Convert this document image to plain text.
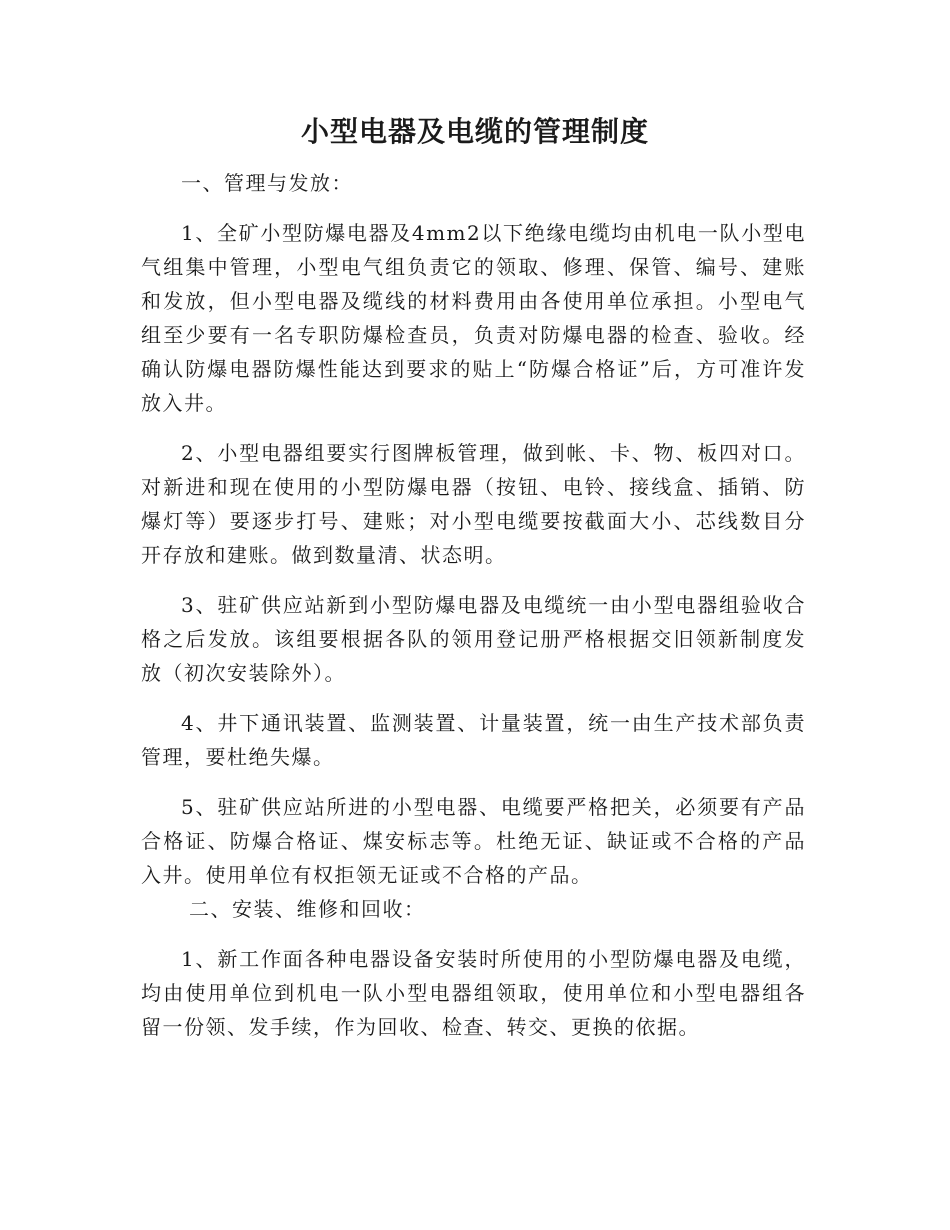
小型电器及电缆的管理制度

一、管理与发放：

1、全矿小型防爆电器及4mm2以下绝缘电缆均由机电一队小型电气组集中管理，小型电气组负责它的领取、修理、保管、编号、建账和发放，但小型电器及缆线的材料费用由各使用单位承担。小型电气组至少要有一名专职防爆检查员，负责对防爆电器的检查、验收。经确认防爆电器防爆性能达到要求的贴上“防爆合格证”后，方可准许发放入井。

2、小型电器组要实行图牌板管理，做到帐、卡、物、板四对口。对新进和现在使用的小型防爆电器（按钮、电铃、接线盒、插销、防爆灯等）要逐步打号、建账；对小型电缆要按截面大小、芯线数目分开存放和建账。做到数量清、状态明。

3、驻矿供应站新到小型防爆电器及电缆统一由小型电器组验收合格之后发放。该组要根据各队的领用登记册严格根据交旧领新制度发放（初次安装除外）。

4、井下通讯装置、监测装置、计量装置，统一由生产技术部负责管理，要杜绝失爆。

5、驻矿供应站所进的小型电器、电缆要严格把关，必须要有产品合格证、防爆合格证、煤安标志等。杜绝无证、缺证或不合格的产品入井。使用单位有权拒领无证或不合格的产品。

二、安装、维修和回收：

1、新工作面各种电器设备安装时所使用的小型防爆电器及电缆，均由使用单位到机电一队小型电器组领取，使用单位和小型电器组各留一份领、发手续，作为回收、检查、转交、更换的依据。
